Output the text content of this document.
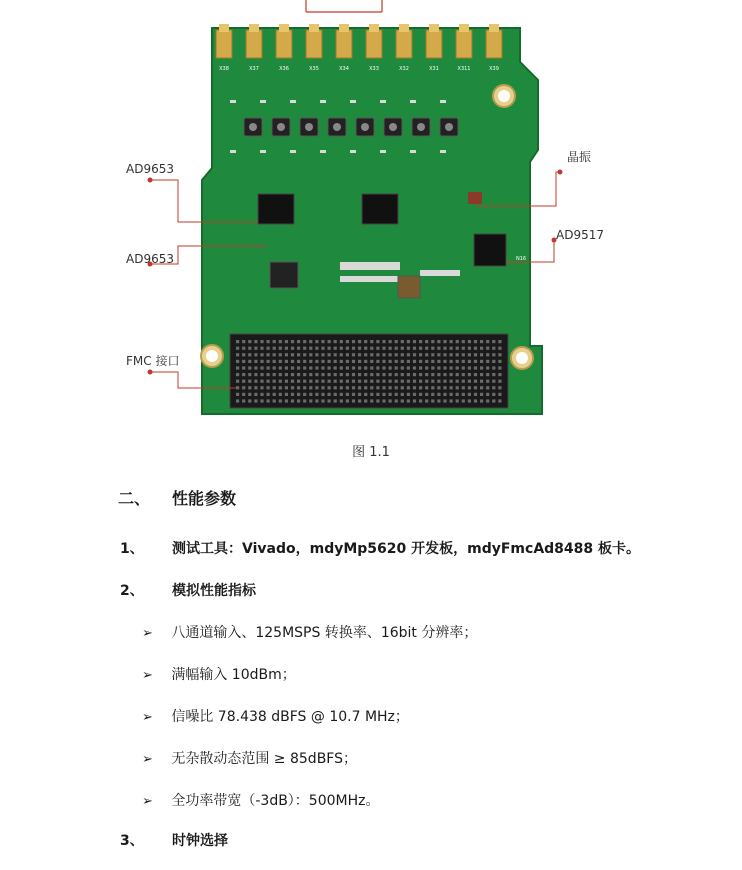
X38	X37	X36	X35	X34	X33	X32	X31	X311	X39
N16
AD9653
AD9653
FMC 接口
晶振
AD9517
图 1.1
二、 性能参数
1、 测试工具：Vivado，mdyMp5620 开发板，mdyFmcAd8488 板卡。
2、 模拟性能指标
➢ 八通道输入、125MSPS 转换率、16bit 分辨率；
➢ 满幅输入 10dBm；
➢ 信噪比 78.438 dBFS @ 10.7 MHz；
➢ 无杂散动态范围 ≥ 85dBFS；
➢ 全功率带宽（-3dB）：500MHz。
3、 时钟选择
